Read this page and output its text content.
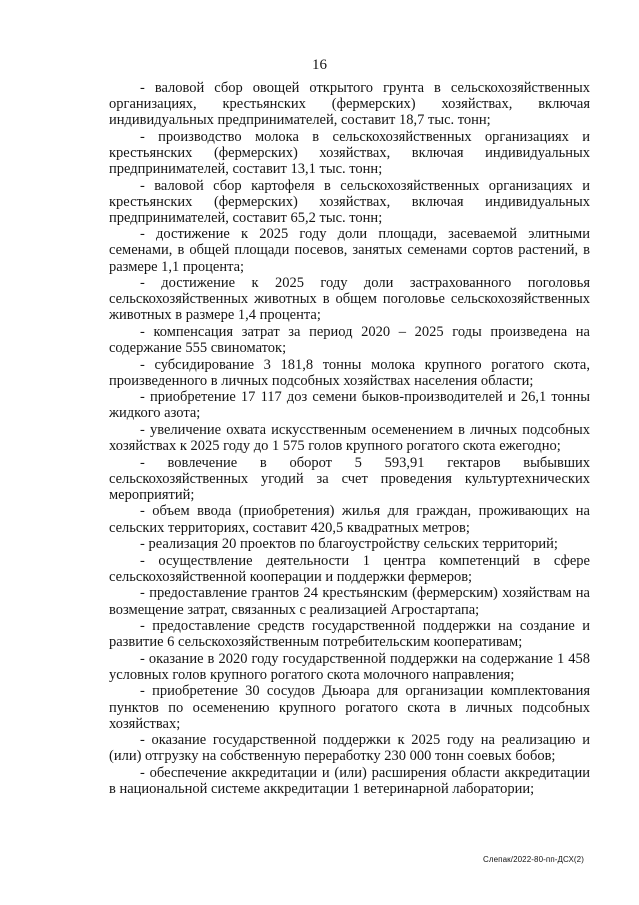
16

- валовой сбор овощей открытого грунта в сельскохозяйственных организациях, крестьянских (фермерских) хозяйствах, включая индивидуальных предпринимателей, составит 18,7 тыс. тонн;

- производство молока в сельскохозяйственных организациях и крестьянских (фермерских) хозяйствах, включая индивидуальных предпринимателей, составит 13,1 тыс. тонн;

- валовой сбор картофеля в сельскохозяйственных организациях и крестьянских (фермерских) хозяйствах, включая индивидуальных предпринимателей, составит 65,2 тыс. тонн;

- достижение к 2025 году доли площади, засеваемой элитными семенами, в общей площади посевов, занятых семенами сортов растений, в размере 1,1 процента;

- достижение к 2025 году доли застрахованного поголовья сельскохозяйственных животных в общем поголовье сельскохозяйственных животных в размере 1,4 процента;

- компенсация затрат за период 2020 – 2025 годы произведена на содержание 555 свиноматок;

- субсидирование 3 181,8 тонны молока крупного рогатого скота, произведенного в личных подсобных хозяйствах населения области;

- приобретение 17 117 доз семени быков-производителей и 26,1 тонны жидкого азота;

- увеличение охвата искусственным осеменением в личных подсобных хозяйствах к 2025 году до 1 575 голов крупного рогатого скота ежегодно;

- вовлечение в оборот 5 593,91 гектаров выбывших сельскохозяйственных угодий за счет проведения культуртехнических мероприятий;

- объем ввода (приобретения) жилья для граждан, проживающих на сельских территориях, составит 420,5 квадратных метров;

- реализация 20 проектов по благоустройству сельских территорий;

- осуществление деятельности 1 центра компетенций в сфере сельскохозяйственной кооперации и поддержки фермеров;

- предоставление грантов 24 крестьянским (фермерским) хозяйствам на возмещение затрат, связанных с реализацией Агростартапа;

- предоставление средств государственной поддержки на создание и развитие 6 сельскохозяйственным потребительским кооперативам;

- оказание в 2020 году государственной поддержки на содержание 1 458 условных голов крупного рогатого скота молочного направления;

- приобретение 30 сосудов Дьюара для организации комплектования пунктов по осеменению крупного рогатого скота в личных подсобных хозяйствах;

- оказание государственной поддержки к 2025 году на реализацию и (или) отгрузку на собственную переработку 230 000 тонн соевых бобов;

- обеспечение аккредитации и (или) расширения области аккредитации в национальной системе аккредитации 1 ветеринарной лаборатории;

Слепак/2022-80-пп-ДСХ(2)
